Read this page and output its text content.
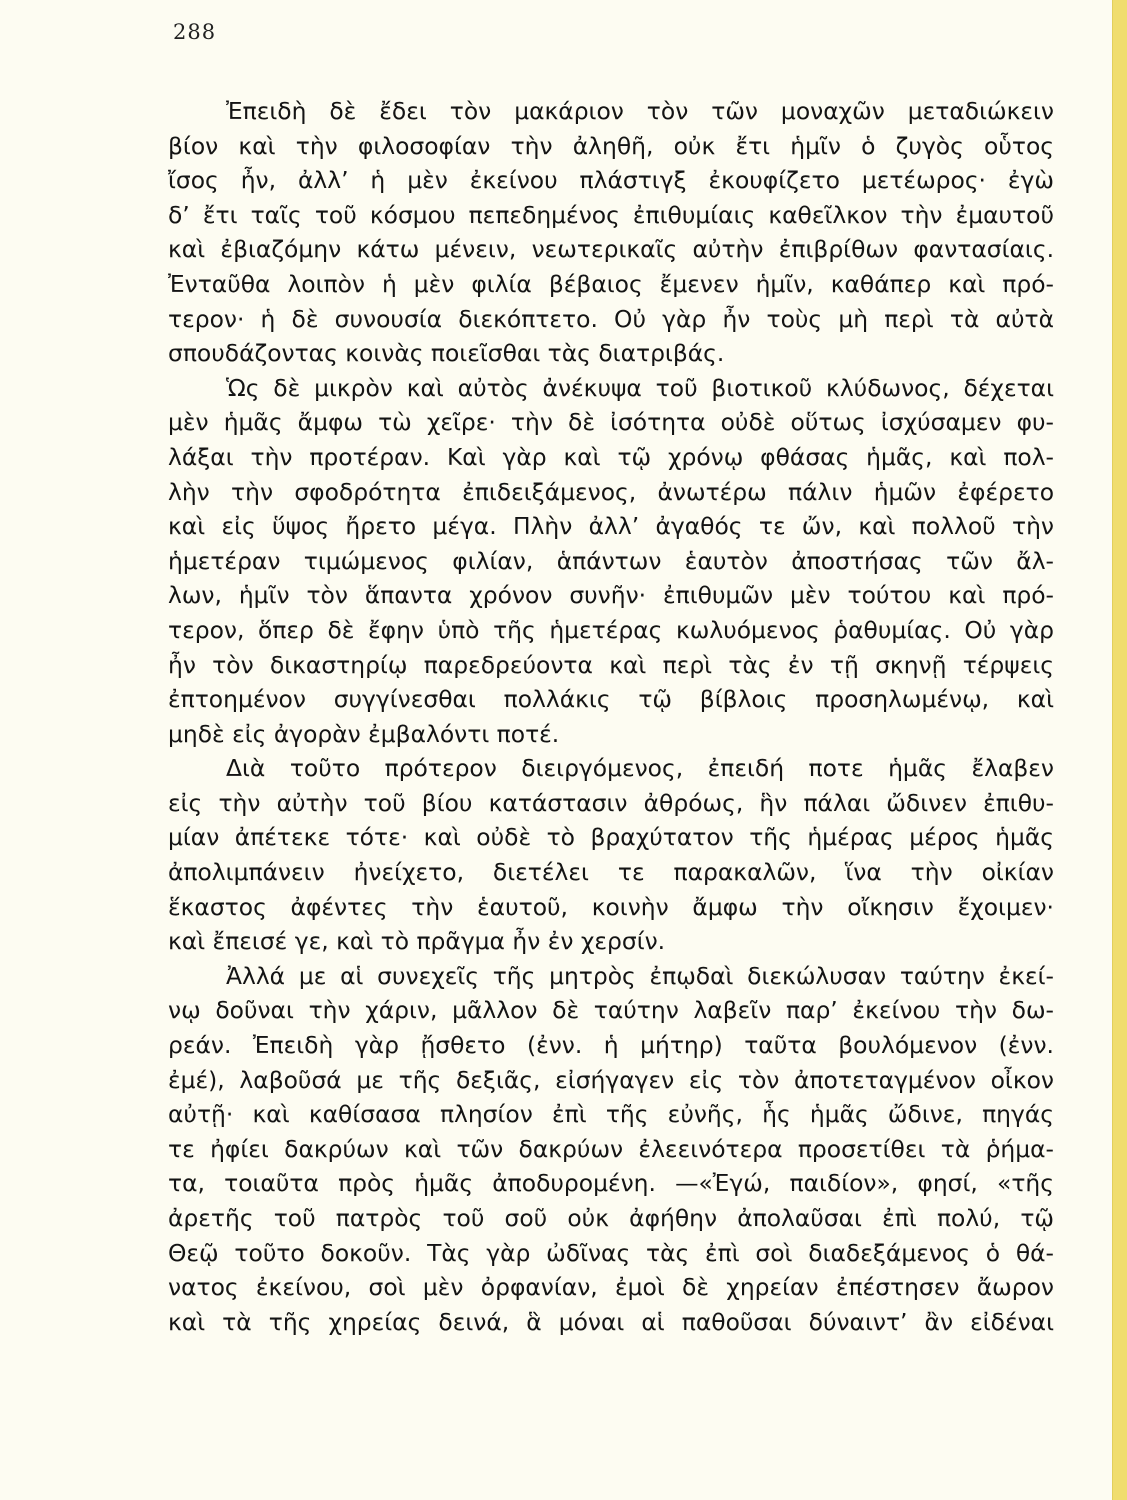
288
Ἐπειδὴ δὲ ἔδει τὸν μακάριον τὸν τῶν μοναχῶν μεταδιώκειν
βίον καὶ τὴν φιλοσοφίαν τὴν ἀληθῆ, οὐκ ἔτι ἡμῖν ὁ ζυγὸς οὗτος
ἴσος ἦν, ἀλλ’ ἡ μὲν ἐκείνου πλάστιγξ ἐκουφίζετο μετέωρος· ἐγὼ
δ’ ἔτι ταῖς τοῦ κόσμου πεπεδημένος ἐπιθυμίαις καθεῖλκον τὴν ἐμαυτοῦ
καὶ ἐβιαζόμην κάτω μένειν, νεωτερικαῖς αὐτὴν ἐπιβρίθων φαντασίαις.
Ἐνταῦθα λοιπὸν ἡ μὲν φιλία βέβαιος ἔμενεν ἡμῖν, καθάπερ καὶ πρό-
τερον· ἡ δὲ συνουσία διεκόπτετο. Οὐ γὰρ ἦν τοὺς μὴ περὶ τὰ αὐτὰ
σπουδάζοντας κοινὰς ποιεῖσθαι τὰς διατριβάς.
Ὡς δὲ μικρὸν καὶ αὐτὸς ἀνέκυψα τοῦ βιοτικοῦ κλύδωνος, δέχεται
μὲν ἡμᾶς ἄμφω τὼ χεῖρε· τὴν δὲ ἰσότητα οὐδὲ οὕτως ἰσχύσαμεν φυ-
λάξαι τὴν προτέραν. Καὶ γὰρ καὶ τῷ χρόνῳ φθάσας ἡμᾶς, καὶ πολ-
λὴν τὴν σφοδρότητα ἐπιδειξάμενος, ἀνωτέρω πάλιν ἡμῶν ἐφέρετο
καὶ εἰς ὕψος ἤρετο μέγα. Πλὴν ἀλλ’ ἀγαθός τε ὤν, καὶ πολλοῦ τὴν
ἡμετέραν τιμώμενος φιλίαν, ἁπάντων ἑαυτὸν ἀποστήσας τῶν ἄλ-
λων, ἡμῖν τὸν ἅπαντα χρόνον συνῆν· ἐπιθυμῶν μὲν τούτου καὶ πρό-
τερον, ὅπερ δὲ ἔφην ὑπὸ τῆς ἡμετέρας κωλυόμενος ῥαθυμίας. Οὐ γὰρ
ἦν τὸν δικαστηρίῳ παρεδρεύοντα καὶ περὶ τὰς ἐν τῇ σκηνῇ τέρψεις
ἐπτοημένον συγγίνεσθαι πολλάκις τῷ βίβλοις προσηλωμένῳ, καὶ
μηδὲ εἰς ἀγορὰν ἐμβαλόντι ποτέ.
Διὰ τοῦτο πρότερον διειργόμενος, ἐπειδή ποτε ἡμᾶς ἔλαβεν
εἰς τὴν αὐτὴν τοῦ βίου κατάστασιν ἀθρόως, ἣν πάλαι ὤδινεν ἐπιθυ-
μίαν ἀπέτεκε τότε· καὶ οὐδὲ τὸ βραχύτατον τῆς ἡμέρας μέρος ἡμᾶς
ἀπολιμπάνειν ἠνείχετο, διετέλει τε παρακαλῶν, ἵνα τὴν οἰκίαν
ἕκαστος ἀφέντες τὴν ἑαυτοῦ, κοινὴν ἄμφω τὴν οἴκησιν ἔχοιμεν·
καὶ ἔπεισέ γε, καὶ τὸ πρᾶγμα ἦν ἐν χερσίν.
Ἀλλά με αἱ συνεχεῖς τῆς μητρὸς ἐπῳδαὶ διεκώλυσαν ταύτην ἐκεί-
νῳ δοῦναι τὴν χάριν, μᾶλλον δὲ ταύτην λαβεῖν παρ’ ἐκείνου τὴν δω-
ρεάν. Ἐπειδὴ γὰρ ᾔσθετο (ἐνν. ἡ μήτηρ) ταῦτα βουλόμενον (ἐνν.
ἐμέ), λαβοῦσά με τῆς δεξιᾶς, εἰσήγαγεν εἰς τὸν ἀποτεταγμένον οἶκον
αὐτῇ· καὶ καθίσασα πλησίον ἐπὶ τῆς εὐνῆς, ἧς ἡμᾶς ὤδινε, πηγάς
τε ἠφίει δακρύων καὶ τῶν δακρύων ἐλεεινότερα προσετίθει τὰ ῥήμα-
τα, τοιαῦτα πρὸς ἡμᾶς ἀποδυρομένη. —«Ἐγώ, παιδίον», φησί, «τῆς
ἀρετῆς τοῦ πατρὸς τοῦ σοῦ οὐκ ἀφήθην ἀπολαῦσαι ἐπὶ πολύ, τῷ
Θεῷ τοῦτο δοκοῦν. Τὰς γὰρ ὠδῖνας τὰς ἐπὶ σοὶ διαδεξάμενος ὁ θά-
νατος ἐκείνου, σοὶ μὲν ὀρφανίαν, ἐμοὶ δὲ χηρείαν ἐπέστησεν ἄωρον
καὶ τὰ τῆς χηρείας δεινά, ἃ μόναι αἱ παθοῦσαι δύναιντ’ ἂν εἰδέναι
